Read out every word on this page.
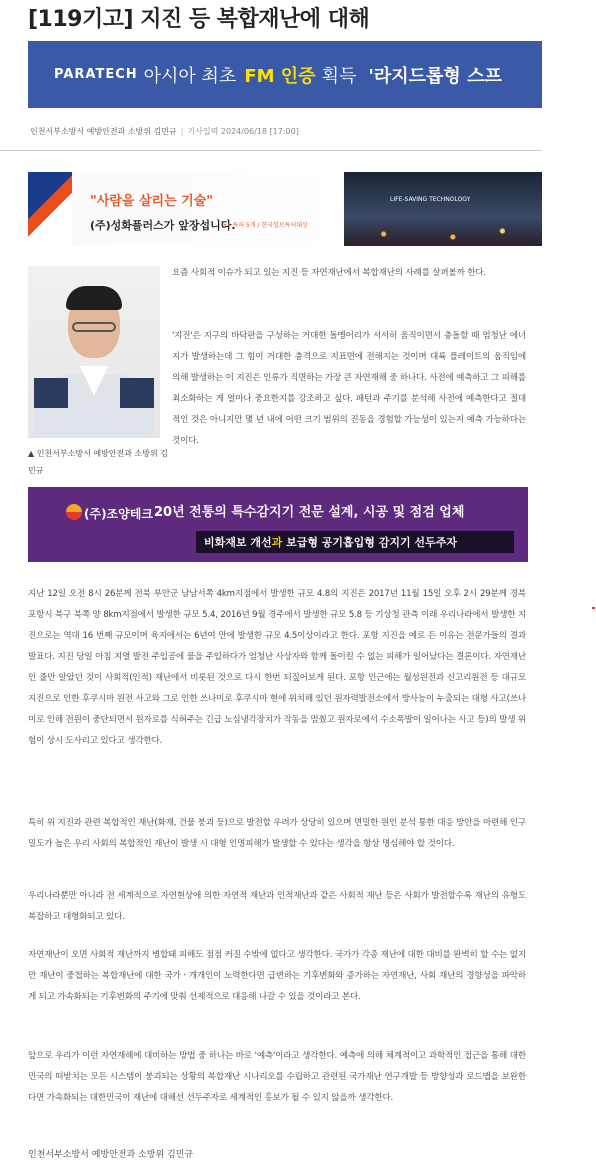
[119기고] 지진 등 복합재난에 대해
PARATECH 아시아 최초 FM 인증 획득 '라지드롭형 스프
인천서부소방서 예방안전과 소방위 김민규 | 기사입력 2024/06/18 [17:00]
"사람을 살리는 기술"
(주)성화플러스가 앞장섭니다.
••• 특허 5개 / 한국일보특허대상
LIFE-SAVING TECHNOLOGY
▲ 인천서부소방서 예방안전과 소방위 김민규

요즘 사회적 이슈가 되고 있는 지진 등 자연재난에서 복합재난의 사례를 살펴볼까 한다.

'지진'은 지구의 바닥판을 구성하는 거대한 돌멩어리가 서서히 움직이면서 충돌할 때 엄청난 에너지가 발생하는데 그 힘이 거대한 충격으로 지표면에 전해지는 것이며 대륙 플레이트의 움직임에 의해 발생하는 이 지진은 인류가 직면하는 가장 큰 자연재해 중 하나다. 사전에 예측하고 그 피해를 최소화하는 게 얼마나 중요한지를 강조하고 싶다. 패턴과 주기를 분석해 사전에 예측한다고 절대적인 것은 아니지만 몇 년 내에 어떤 크기 범위의 진동을 경험할 가능성이 있는지 예측 가능하다는 것이다.

(주)조양테크 20년 전통의 특수감지기 전문 설계, 시공 및 점검 업체
비화재보 개선과 보급형 공기흡입형 감지기 선두주자

지난 12일 오전 8시 26분께 전북 부안군 남남서쪽 4km지점에서 발생한 규모 4.8의 지진은 2017년 11월 15일 오후 2시 29분께 경북 포항시 북구 북쪽 양 8km지점에서 발생한 규모 5.4, 2016년 9월 경주에서 발생한 규모 5.8 등 기상청 관측 이래 우리나라에서 발생한 지진으로는 역대 16 번째 규모이며 육지에서는 6년여 만에 발생한 규모 4.5이상이라고 한다. 포항 지진을 예로 든 이유는 전문가들의 결과 발표다. 지진 당일 아침 지열 발전 주입공에 물을 주입하다가 엄청난 사상자와 함께 돌이킬 수 없는 피해가 일어났다는 결론이다. 자연재난인 줄만 알았던 것이 사회적(인적) 재난에서 비롯된 것으로 다시 한번 되짚어보게 된다. 포항 인근에는 월성원전과 신고리원전 등 대규모 지진으로 인한 후쿠시마 원전 사고와 그로 인한 쓰나미로 후쿠시마 현에 위치해 있던 원자력발전소에서 방사능이 누출되는 대형 사고(쓰나미로 인해 전원이 중단되면서 원자로를 식혀주는 긴급 노심냉각장치가 작동을 멈췄고 원자로에서 수소폭발이 일어나는 사고 등)의 발생 위험이 상시 도사리고 있다고 생각한다.

특히 위 지진과 관련 복합적인 재난(화재, 건물 붕괴 등)으로 발전할 우려가 상당히 있으며 면밀한 원인 분석 통한 대응 방안을 마련해 인구밀도가 높은 우리 사회의 복합적인 재난이 발생 시 대형 인명피해가 발생할 수 있다는 생각을 항상 명심해야 할 것이다.

우리나라뿐만 아니라 전 세계적으로 자연현상에 의한 자연적 재난과 인적재난과 같은 사회적 재난 등은 사회가 발전할수록 재난의 유형도 복잡하고 대형화되고 있다.

자연재난이 오면 사회적 재난까지 병합돼 피해도 점점 커질 수밖에 없다고 생각한다. 국가가 각종 재난에 대한 대비를 완벽히 할 수는 없지만 재난이 중첩하는 복합재난에 대한 국가ㆍ개개인이 노력한다면 급변하는 기후변화와 증가하는 자연재난, 사회 재난의 경향성을 파악하게 되고 가속화되는 기후변화의 주기에 맞춰 선제적으로 대응해 나갈 수 있을 것이라고 본다.

앞으로 우리가 이런 자연재해에 대비하는 방법 중 하나는 바로 '예측'이라고 생각한다. 예측에 의해 체계적이고 과학적인 접근을 통해 대한민국의 떠받치는 모든 시스템이 붕괴되는 상황의 복합재난 시나리오를 수립하고 관련된 국가재난 연구개발 등 방향성과 로드맵을 보완한다면 가속화되는 대한민국이 재난에 대해선 선두주자로 세계적인 홍보가 될 수 있지 않을까 생각한다.

인천서부소방서 예방안전과 소방위 김민규
